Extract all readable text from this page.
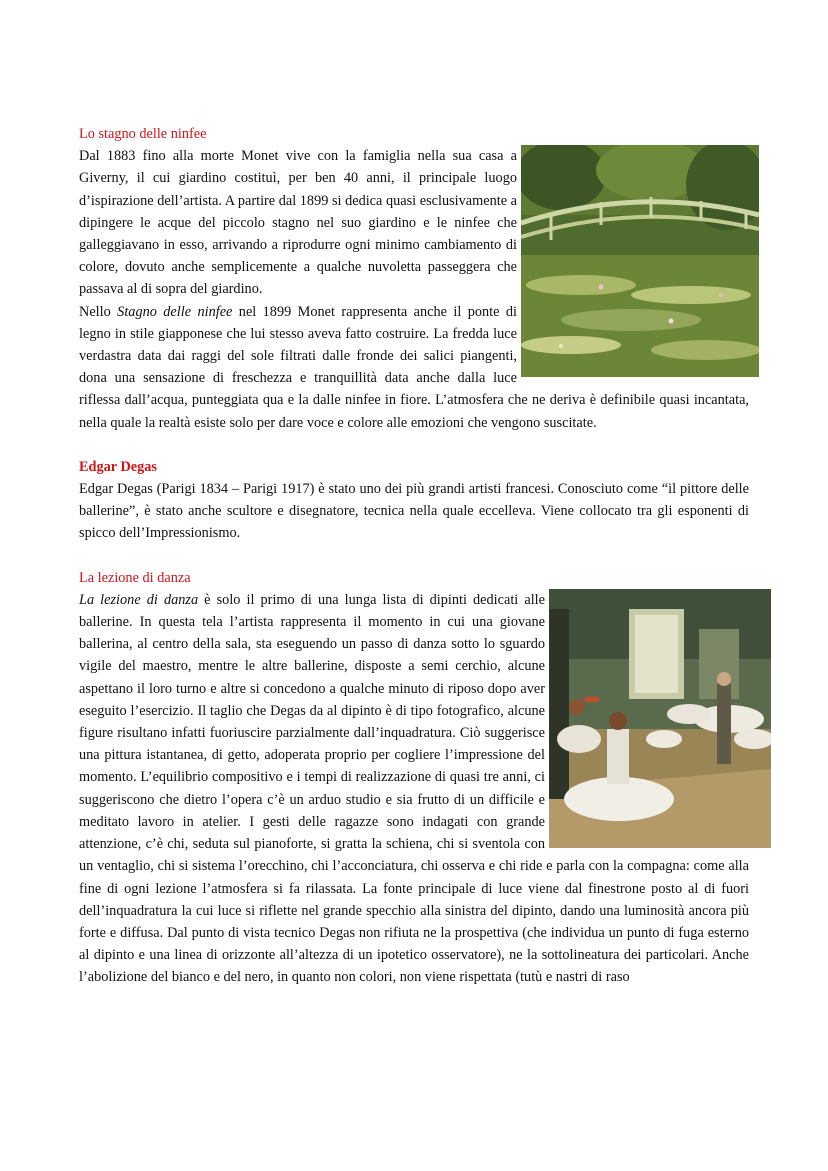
Lo stagno delle ninfee

Dal 1883 fino alla morte Monet vive con la famiglia nella sua casa a Giverny, il cui giardino costituì, per ben 40 anni, il principale luogo d’ispirazione dell’artista. A partire dal 1899 si dedica quasi esclusivamente a dipingere le acque del piccolo stagno nel suo giardino e le ninfee che galleggiavano in esso, arrivando a riprodurre ogni minimo cambiamento di colore, dovuto anche semplicemente a qualche nuvoletta passeggera che passava al di sopra del giardino.
Nello Stagno delle ninfee nel 1899 Monet rappresenta anche il ponte di legno in stile giapponese che lui stesso aveva fatto costruire. La fredda luce verdastra data dai raggi del sole filtrati dalle fronde dei salici piangenti, dona una sensazione di freschezza e tranquillità data anche dalla luce riflessa dall’acqua, punteggiata qua e la dalle ninfee in fiore. L’atmosfera che ne deriva è definibile quasi incantata, nella quale la realtà esiste solo per dare voce e colore alle emozioni che vengono suscitate.

Edgar Degas

Edgar Degas (Parigi 1834 – Parigi 1917) è stato uno dei più grandi artisti francesi. Conosciuto come “il pittore delle ballerine”, è stato anche scultore e disegnatore, tecnica nella quale eccelleva. Viene collocato tra gli esponenti di spicco dell’Impressionismo.

La lezione di danza

La lezione di danza è solo il primo di una lunga lista di dipinti dedicati alle ballerine. In questa tela l’artista rappresenta il momento in cui una giovane ballerina, al centro della sala, sta eseguendo un passo di danza sotto lo sguardo vigile del maestro, mentre le altre ballerine, disposte a semi cerchio, alcune aspettano il loro turno e altre si concedono a qualche minuto di riposo dopo aver eseguito l’esercizio. Il taglio che Degas da al dipinto è di tipo fotografico, alcune figure risultano infatti fuoriuscire parzialmente dall’inquadratura. Ciò suggerisce una pittura istantanea, di getto, adoperata proprio per cogliere l’impressione del momento. L’equilibrio compositivo e i tempi di realizzazione di quasi tre anni, ci suggeriscono che dietro l’opera c’è un arduo studio e sia frutto di un difficile e meditato lavoro in atelier. I gesti delle ragazze sono indagati con grande attenzione, c’è chi, seduta sul pianoforte, si gratta la schiena, chi si sventola con un ventaglio, chi si sistema l’orecchino, chi l’acconciatura, chi osserva e chi ride e parla con la compagna: come alla fine di ogni lezione l’atmosfera si fa rilassata. La fonte principale di luce viene dal finestrone posto al di fuori dell’inquadratura la cui luce si riflette nel grande specchio alla sinistra del dipinto, dando una luminosità ancora più forte e diffusa. Dal punto di vista tecnico Degas non rifiuta ne la prospettiva (che individua un punto di fuga esterno al dipinto e una linea di orizzonte all’altezza di un ipotetico osservatore), ne la sottolineatura dei particolari. Anche l’abolizione del bianco e del nero, in quanto non colori, non viene rispettata (tutù e nastri di raso
